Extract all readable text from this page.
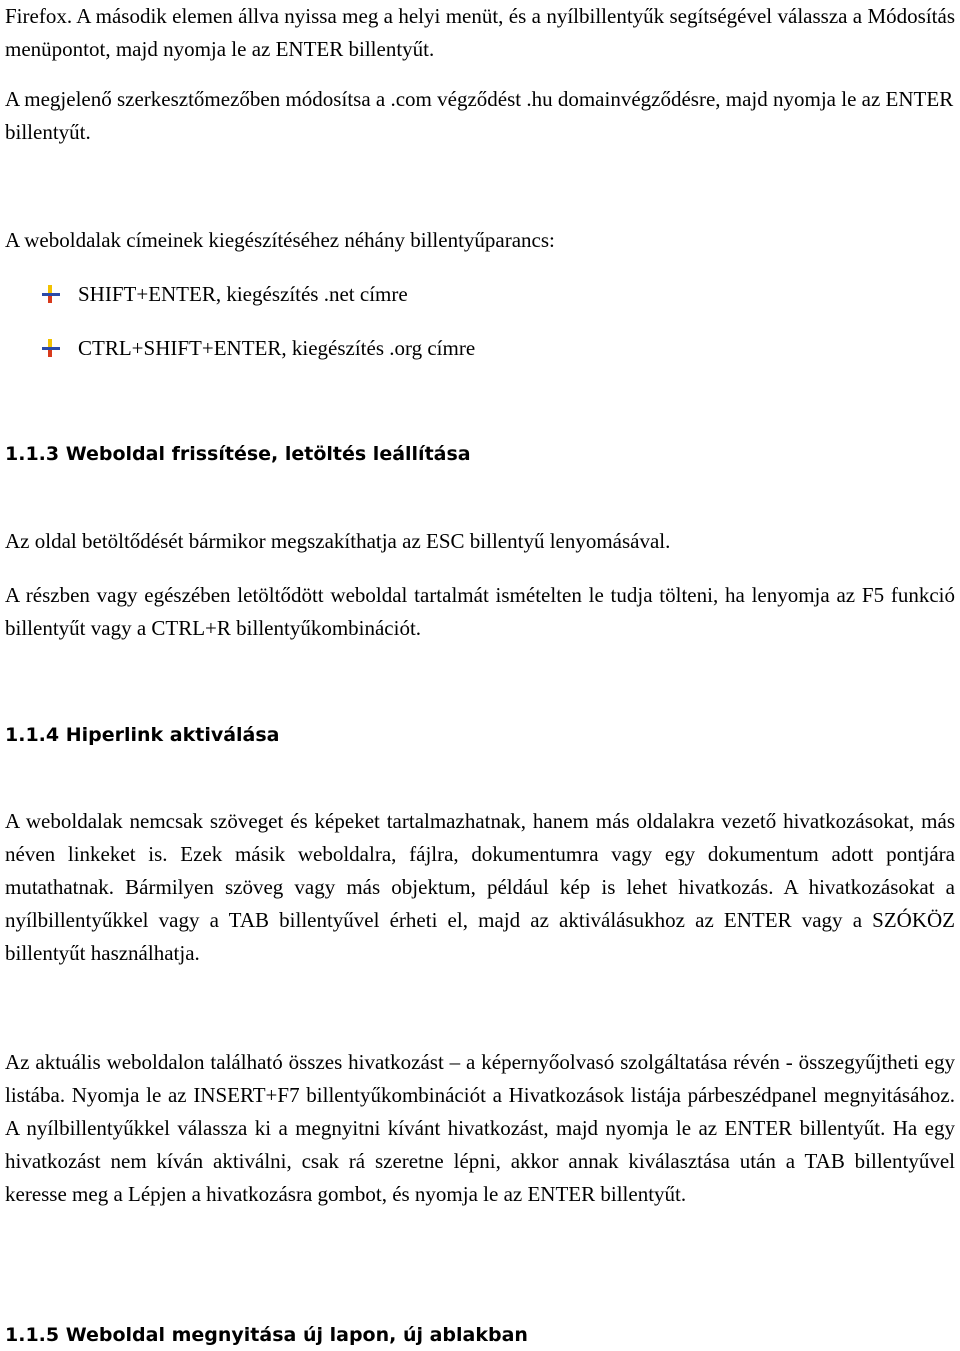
Firefox. A második elemen állva nyissa meg a helyi menüt, és a nyílbillentyűk segítségével válassza a Módosítás menüpontot, majd nyomja le az ENTER billentyűt.

A megjelenő szerkesztőmezőben módosítsa a .com végződést .hu domainvégződésre, majd nyomja le az ENTER billentyűt.

A weboldalak címeinek kiegészítéséhez néhány billentyűparancs:

SHIFT+ENTER, kiegészítés .net címre
CTRL+SHIFT+ENTER, kiegészítés .org címre
1.1.3 Weboldal frissítése, letöltés leállítása

Az oldal betöltődését bármikor megszakíthatja az ESC billentyű lenyomásával.

A részben vagy egészében letöltődött weboldal tartalmát ismételten le tudja tölteni, ha lenyomja az F5 funkció billentyűt vagy a CTRL+R billentyűkombinációt.

1.1.4 Hiperlink aktiválása

A weboldalak nemcsak szöveget és képeket tartalmazhatnak, hanem más oldalakra vezető hivatkozásokat, más néven linkeket is. Ezek másik weboldalra, fájlra, dokumentumra vagy egy dokumentum adott pontjára mutathatnak. Bármilyen szöveg vagy más objektum, például kép is lehet hivatkozás. A hivatkozásokat a nyílbillentyűkkel vagy a TAB billentyűvel érheti el, majd az aktiválásukhoz az ENTER vagy a SZÓKÖZ billentyűt használhatja.

Az aktuális weboldalon található összes hivatkozást – a képernyőolvasó szolgáltatása révén - összegyűjtheti egy listába. Nyomja le az INSERT+F7 billentyűkombinációt a Hivatkozások listája párbeszédpanel megnyitásához. A nyílbillentyűkkel válassza ki a megnyitni kívánt hivatkozást, majd nyomja le az ENTER billentyűt. Ha egy hivatkozást nem kíván aktiválni, csak rá szeretne lépni, akkor annak kiválasztása után a TAB billentyűvel keresse meg a Lépjen a hivatkozásra gombot, és nyomja le az ENTER billentyűt.

1.1.5 Weboldal megnyitása új lapon, új ablakban
